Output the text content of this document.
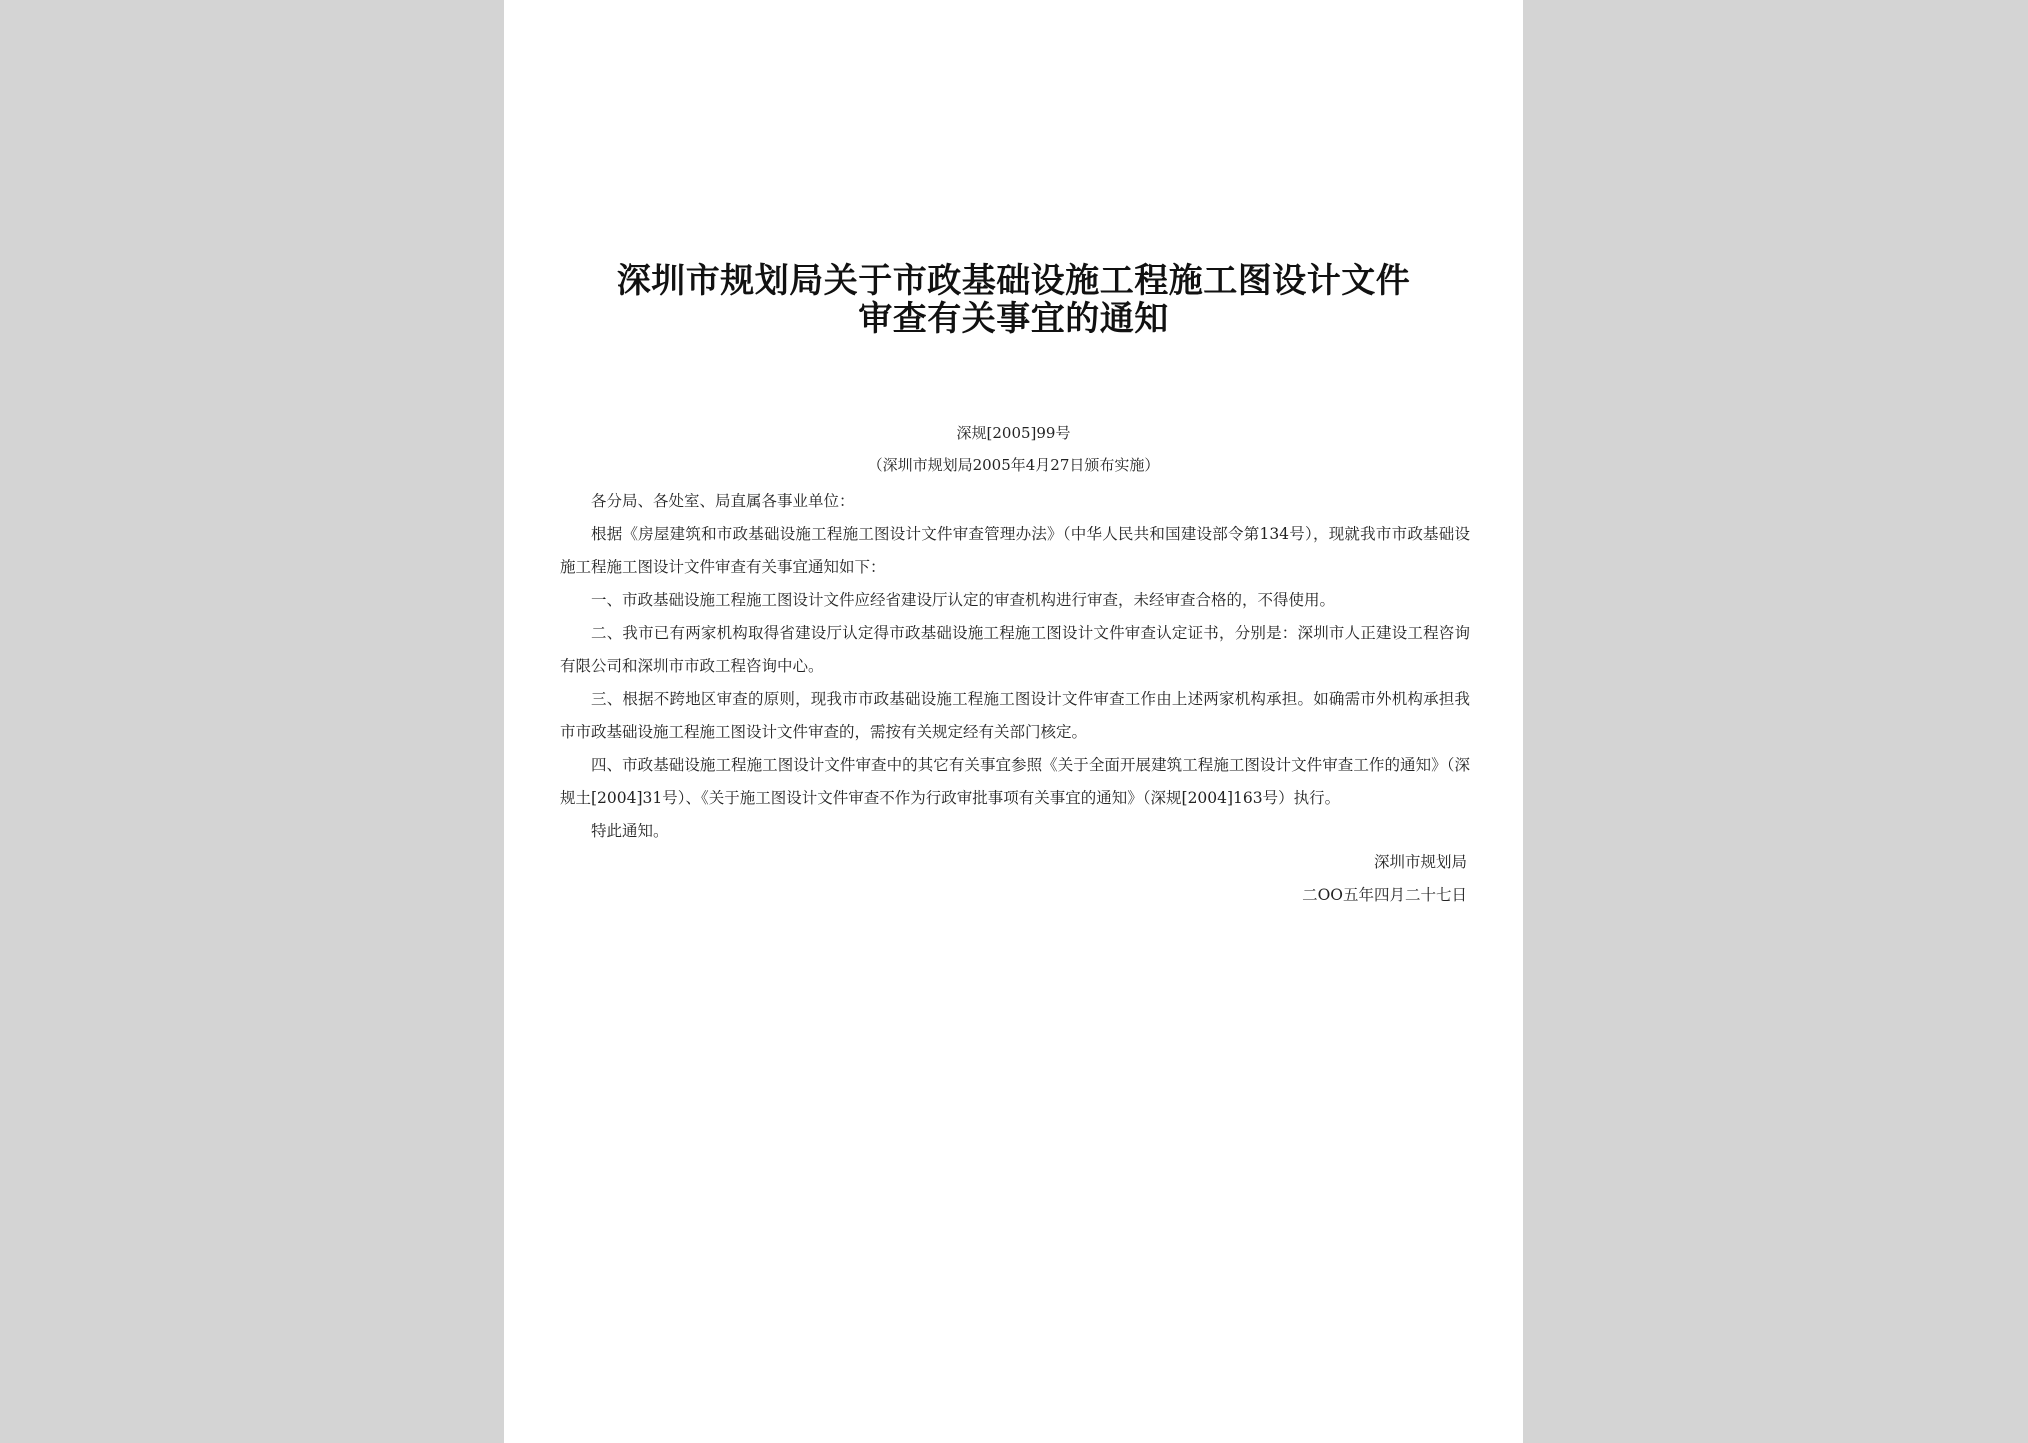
深圳市规划局关于市政基础设施工程施工图设计文件
审查有关事宜的通知
深规[2005]99号
（深圳市规划局2005年4月27日颁布实施）

各分局、各处室、局直属各事业单位：

根据《房屋建筑和市政基础设施工程施工图设计文件审查管理办法》（中华人民共和国建设部令第134号），现就我市市政基础设施工程施工图设计文件审查有关事宜通知如下：

一、市政基础设施工程施工图设计文件应经省建设厅认定的审查机构进行审查，未经审查合格的，不得使用。

二、我市已有两家机构取得省建设厅认定得市政基础设施工程施工图设计文件审查认定证书，分别是：深圳市人正建设工程咨询有限公司和深圳市市政工程咨询中心。

三、根据不跨地区审查的原则，现我市市政基础设施工程施工图设计文件审查工作由上述两家机构承担。如确需市外机构承担我市市政基础设施工程施工图设计文件审查的，需按有关规定经有关部门核定。

四、市政基础设施工程施工图设计文件审查中的其它有关事宜参照《关于全面开展建筑工程施工图设计文件审查工作的通知》（深规土[2004]31号）、《关于施工图设计文件审查不作为行政审批事项有关事宜的通知》（深规[2004]163号）执行。

特此通知。

深圳市规划局
二OO五年四月二十七日
